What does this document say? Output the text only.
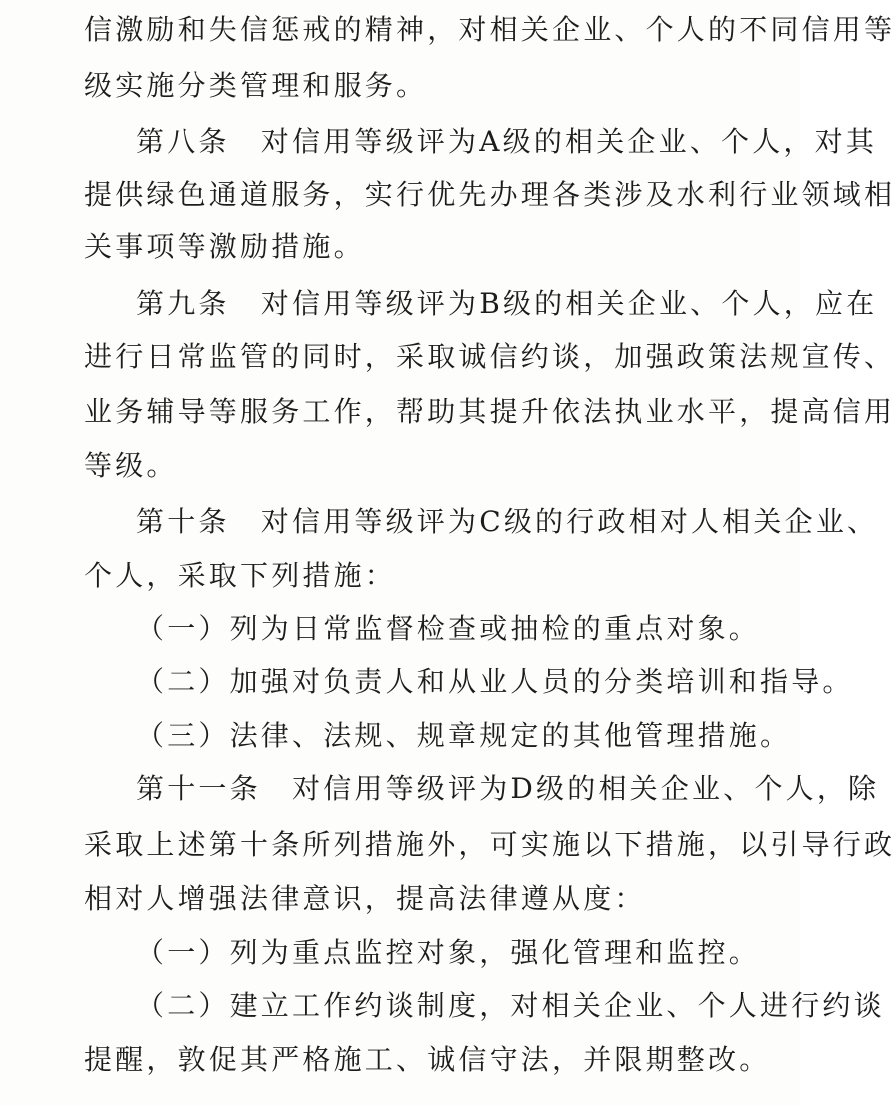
信激励和失信惩戒的精神，对相关企业、个人的不同信用等
级实施分类管理和服务。
第八条　对信用等级评为A级的相关企业、个人，对其
提供绿色通道服务，实行优先办理各类涉及水利行业领域相
关事项等激励措施。
第九条　对信用等级评为B级的相关企业、个人，应在
进行日常监管的同时，采取诚信约谈，加强政策法规宣传、
业务辅导等服务工作，帮助其提升依法执业水平，提高信用
等级。
第十条　对信用等级评为C级的行政相对人相关企业、
个人，采取下列措施：
（一）列为日常监督检查或抽检的重点对象。
（二）加强对负责人和从业人员的分类培训和指导。
（三）法律、法规、规章规定的其他管理措施。
第十一条　对信用等级评为D级的相关企业、个人，除
采取上述第十条所列措施外，可实施以下措施，以引导行政
相对人增强法律意识，提高法律遵从度：
（一）列为重点监控对象，强化管理和监控。
（二）建立工作约谈制度，对相关企业、个人进行约谈
提醒，敦促其严格施工、诚信守法，并限期整改。
